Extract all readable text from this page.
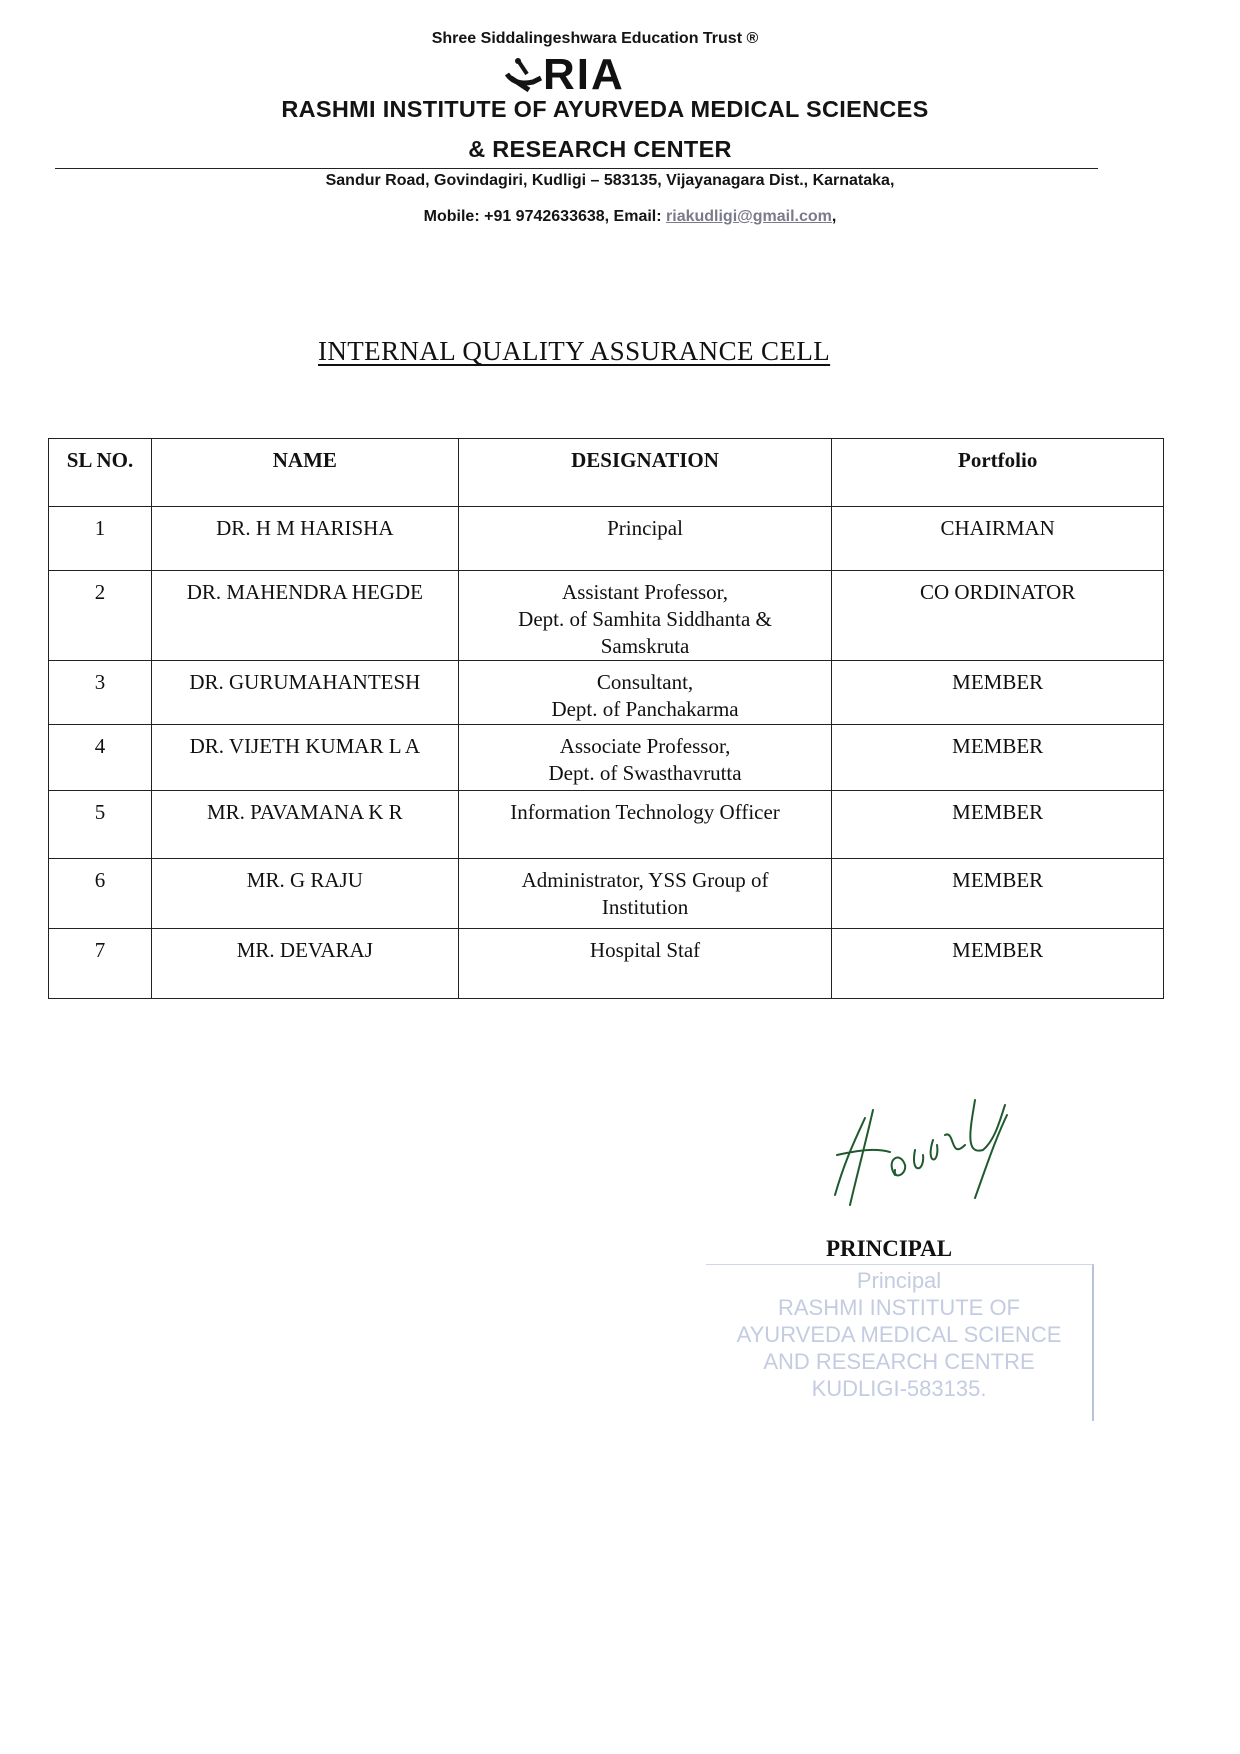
Shree Siddalingeshwara Education Trust ®
RIA
RASHMI INSTITUTE OF AYURVEDA MEDICAL SCIENCES
& RESEARCH CENTER
Sandur Road, Govindagiri, Kudligi – 583135, Vijayanagara Dist., Karnataka,
Mobile: +91 9742633638, Email: riakudligi@gmail.com,
INTERNAL QUALITY ASSURANCE CELL
SL NO.	NAME	DESIGNATION	Portfolio
1	DR. H M HARISHA	Principal	CHAIRMAN
2	DR. MAHENDRA HEGDE	Assistant Professor,
Dept. of Samhita Siddhanta &
Samskruta	CO ORDINATOR
3	DR. GURUMAHANTESH	Consultant,
Dept. of Panchakarma	MEMBER
4	DR. VIJETH KUMAR L A	Associate Professor,
Dept. of Swasthavrutta	MEMBER
5	MR. PAVAMANA K R	Information Technology Officer	MEMBER
6	MR. G RAJU	Administrator, YSS Group of
Institution	MEMBER
7	MR. DEVARAJ	Hospital Staf	MEMBER
PRINCIPAL
Principal
RASHMI INSTITUTE OF
AYURVEDA MEDICAL SCIENCE
AND RESEARCH CENTRE
KUDLIGI-583135.
